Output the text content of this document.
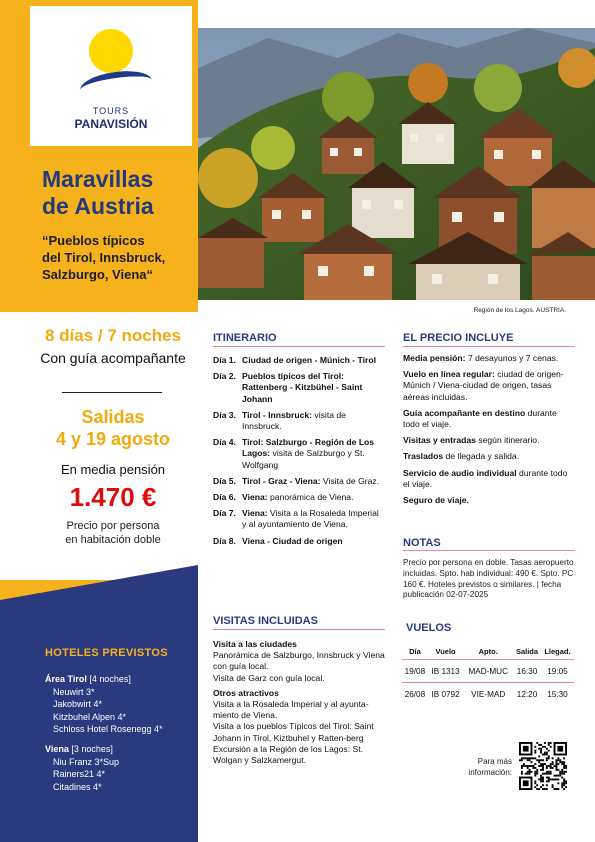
TOURS
PANAVISIÓN
Maravillas
de Austria
“Pueblos típicos
del Tirol, Innsbruck,
Salzburgo, Viena“
8 días / 7 noches
Con guía acompañante
Salidas
4 y 19 agosto
En media pensión
1.470 €
Precio por persona
en habitación doble
HOTELES PREVISTOS
Área Tirol [4 noches]
Neuwirt 3*
Jakobwirt 4*
Kitzbuhel Alpen 4*
Schloss Hotel Rosenegg 4*
Viena [3 noches]
Niu Franz 3*Sup
Rainers21 4*
Citadines 4*
Región de los Lagos. AUSTRIA.
ITINERARIO
Día 1. Ciudad de origen - Múnich - Tirol
Día 2. Pueblos típicos del Tirol: Rattenberg - Kitzbühel - Saint Johann
Día 3. Tirol - Innsbruck: visita de Innsbruck.
Día 4. Tirol: Salzburgo - Región de Los Lagos: visita de Salzburgo y St. Wolfgang
Día 5. Tirol - Graz - Viena: Visita de Graz.
Día 6. Viena: panorámica de Viena.
Día 7. Viena: Visita a la Rosaleda Imperial y al ayuntamiento de Viena.
Día 8. Viena - Ciudad de origen
VISITAS INCLUIDAS
Visita a las ciudades
Panorámica de Salzburgo, Innsbruck y Viena con guía local.
Visita de Garz con guía local.
Otros atractivos
Visita a la Rosaleda Imperial y al ayunta-miento de Viena.
Visita a los pueblos Típicos del Tirol: Saint Johann in Tirol, Kiztbuhel y Ratten-berg
Excursión a la Región de los Lagos: St. Wolgan y Salzkamergut.
EL PRECIO INCLUYE
Media pensión: 7 desayunos y 7 cenas.
Vuelo en línea regular: ciudad de origen-Múnich / Viena-ciudad de origen, tasas aéreas incluidas.
Guía acompañante en destino durante todo el viaje.
Visitas y entradas según itinerario.
Traslados de llegada y salida.
Servicio de audio individual durante todo el viaje.
Seguro de viaje.
NOTAS
Precio por persona en doble. Tasas aeropuerto incluidas. Spto. hab individual: 490 €. Spto. PC 160 €. Hoteles previstos o similares. | fecha publicación 02-07-2025
VUELOS
Día	Vuelo	Apto.	Salida	Llegad.

19/08	IB 1313	MAD-MUC	16:30	19:05

26/08	IB 0792	VIE-MAD	12:20	15:30
Para más
información:
